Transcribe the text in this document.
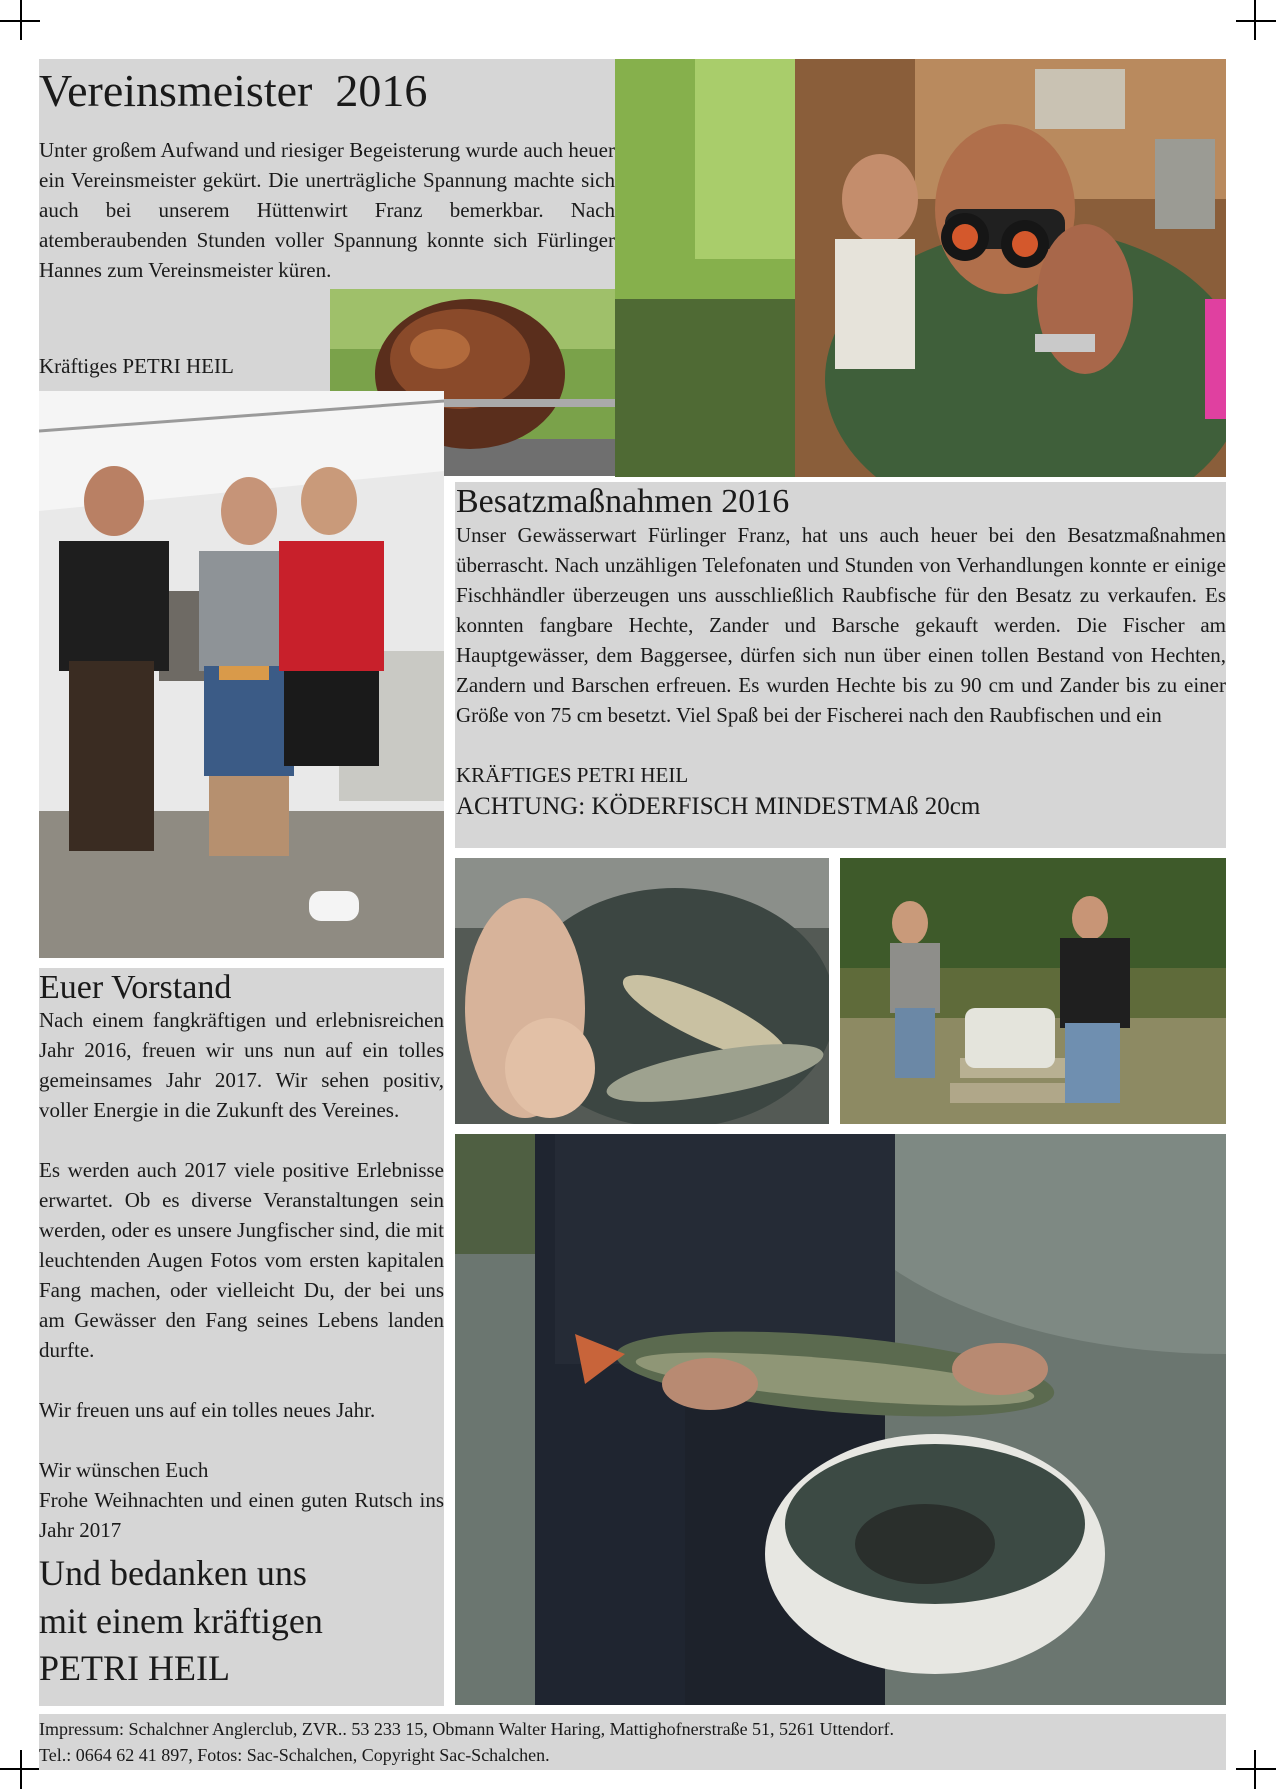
Vereinsmeister  2016

Unter großem Aufwand und riesiger Begeisterung wurde auch heuer ein Vereinsmeister gekürt. Die unerträgliche Spannung machte sich auch bei unserem Hüttenwirt Franz bemerkbar. Nach atemberaubenden Stunden voller Spannung konnte sich Fürlinger Hannes zum Vereinsmeister küren.

Kräftiges PETRI HEIL

Besatzmaßnahmen 2016

Unser Gewässerwart Fürlinger Franz, hat uns auch heuer bei den Besatzmaßnahmen überrascht. Nach unzähligen Telefonaten und Stunden von Verhandlungen konnte er einige Fischhändler überzeugen uns ausschließlich Raubfische für den Besatz zu verkaufen. Es konnten fangbare Hechte, Zander und Barsche gekauft werden. Die Fischer am Hauptgewässer, dem Baggersee, dürfen sich nun über einen tollen Bestand von Hechten, Zandern und Barschen erfreuen. Es wurden Hechte bis zu 90 cm und Zander bis zu einer Größe von 75 cm besetzt. Viel Spaß bei der Fischerei nach den Raubfischen und ein

KRÄFTIGES PETRI HEIL

ACHTUNG: KÖDERFISCH MINDESTMAß 20cm

Euer Vorstand

Nach einem fangkräftigen und erlebnisreichen Jahr 2016, freuen wir uns nun auf ein tolles gemeinsames Jahr 2017. Wir sehen positiv, voller Energie in die Zukunft des Vereines.

Es werden auch 2017 viele positive Erlebnisse erwartet. Ob es diverse Veranstaltungen sein werden, oder es unsere Jungfischer sind, die mit leuchtenden Augen Fotos vom ersten kapitalen Fang machen, oder vielleicht Du, der bei uns am Gewässer den Fang seines Lebens landen durfte.

Wir freuen uns auf ein tolles neues Jahr.

Wir wünschen Euch

Frohe Weihnachten und einen guten Rutsch ins Jahr 2017

Und bedanken uns

mit einem kräftigen

PETRI HEIL

Impressum: Schalchner Anglerclub, ZVR.. 53 233 15, Obmann Walter Haring, Mattighofnerstraße 51, 5261 Uttendorf.

Tel.: 0664 62 41 897, Fotos: Sac-Schalchen, Copyright Sac-Schalchen.
